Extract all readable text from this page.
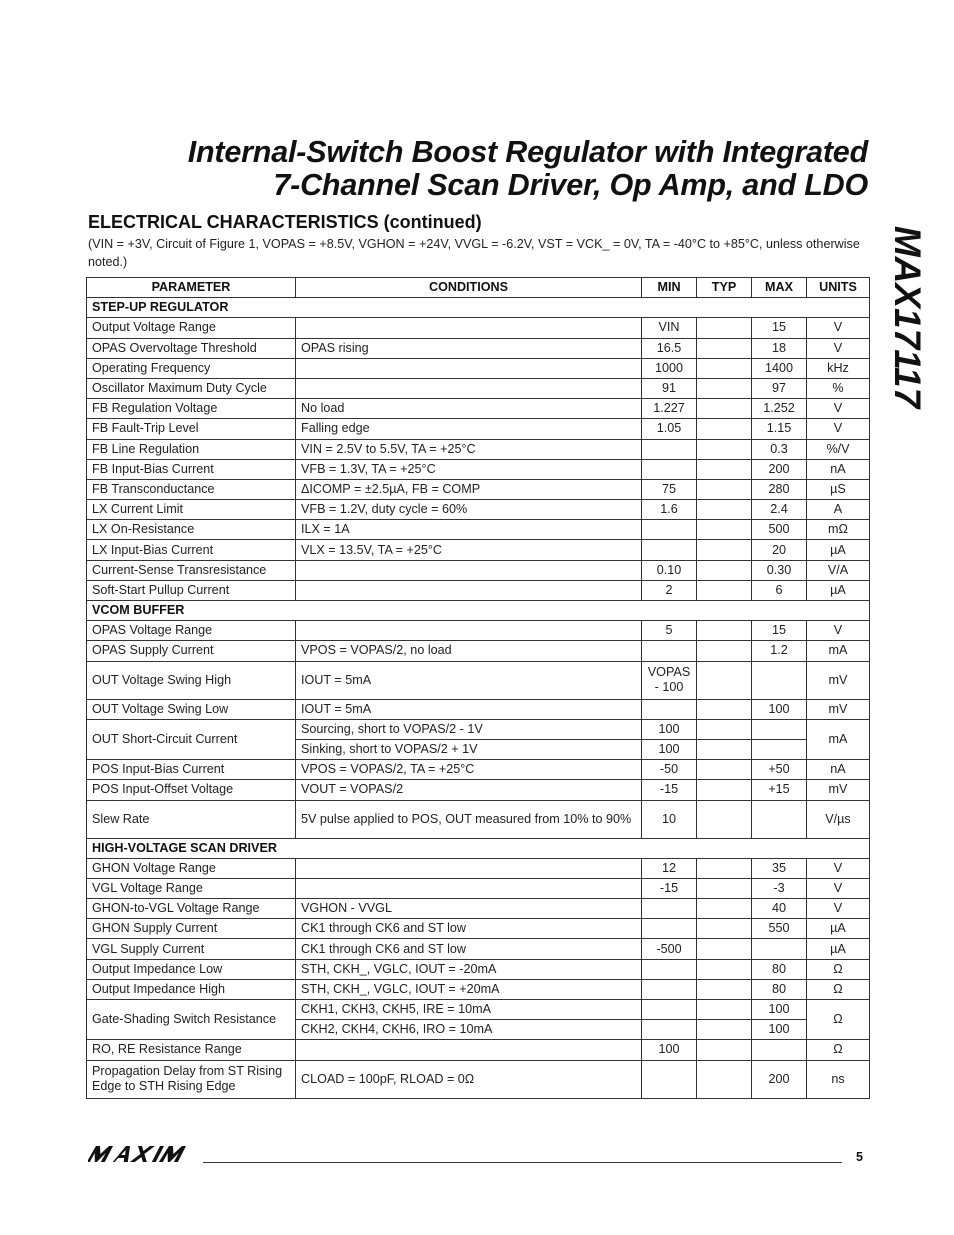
Internal-Switch Boost Regulator with Integrated
7-Channel Scan Driver, Op Amp, and LDO
MAX17117
ELECTRICAL CHARACTERISTICS (continued)
(VIN = +3V, Circuit of Figure 1, VOPAS = +8.5V, VGHON = +24V, VVGL = -6.2V, VST = VCK_ = 0V, TA = -40°C to +85°C, unless otherwise noted.)
PARAMETER	CONDITIONS	MIN	TYP	MAX	UNITS
STEP-UP REGULATOR					
Output Voltage Range		VIN		15	V
OPAS Overvoltage Threshold	OPAS rising	16.5		18	V
Operating Frequency		1000		1400	kHz
Oscillator Maximum Duty Cycle		91		97	%
FB Regulation Voltage	No load	1.227		1.252	V
FB Fault-Trip Level	Falling edge	1.05		1.15	V
FB Line Regulation	VIN = 2.5V to 5.5V, TA = +25°C			0.3	%/V
FB Input-Bias Current	VFB = 1.3V, TA = +25°C			200	nA
FB Transconductance	ΔICOMP = ±2.5µA, FB = COMP	75		280	µS
LX Current Limit	VFB = 1.2V, duty cycle = 60%	1.6		2.4	A
LX On-Resistance	ILX = 1A			500	mΩ
LX Input-Bias Current	VLX = 13.5V, TA = +25°C			20	µA
Current-Sense Transresistance		0.10		0.30	V/A
Soft-Start Pullup Current		2		6	µA
VCOM BUFFER					
OPAS Voltage Range		5		15	V
OPAS Supply Current	VPOS = VOPAS/2, no load			1.2	mA
OUT Voltage Swing High	IOUT = 5mA	VOPAS - 100			mV
OUT Voltage Swing Low	IOUT = 5mA			100	mV
OUT Short-Circuit Current	Sourcing, short to VOPAS/2 - 1V	100			mA
	Sinking, short to VOPAS/2 + 1V	100			
POS Input-Bias Current	VPOS = VOPAS/2, TA = +25°C	-50		+50	nA
POS Input-Offset Voltage	VOUT = VOPAS/2	-15		+15	mV
Slew Rate	5V pulse applied to POS, OUT measured from 10% to 90%	10			V/µs
HIGH-VOLTAGE SCAN DRIVER					
GHON Voltage Range		12		35	V
VGL Voltage Range		-15		-3	V
GHON-to-VGL Voltage Range	VGHON - VVGL			40	V
GHON Supply Current	CK1 through CK6 and ST low			550	µA
VGL Supply Current	CK1 through CK6 and ST low	-500			µA
Output Impedance Low	STH, CKH_, VGLC, IOUT = -20mA			80	Ω
Output Impedance High	STH, CKH_, VGLC, IOUT = +20mA			80	Ω
Gate-Shading Switch Resistance	CKH1, CKH3, CKH5, IRE = 10mA			100	Ω
	CKH2, CKH4, CKH6, IRO = 10mA			100	
RO, RE Resistance Range		100			Ω
Propagation Delay from ST Rising Edge to STH Rising Edge	CLOAD = 100pF, RLOAD = 0Ω			200	ns
5
